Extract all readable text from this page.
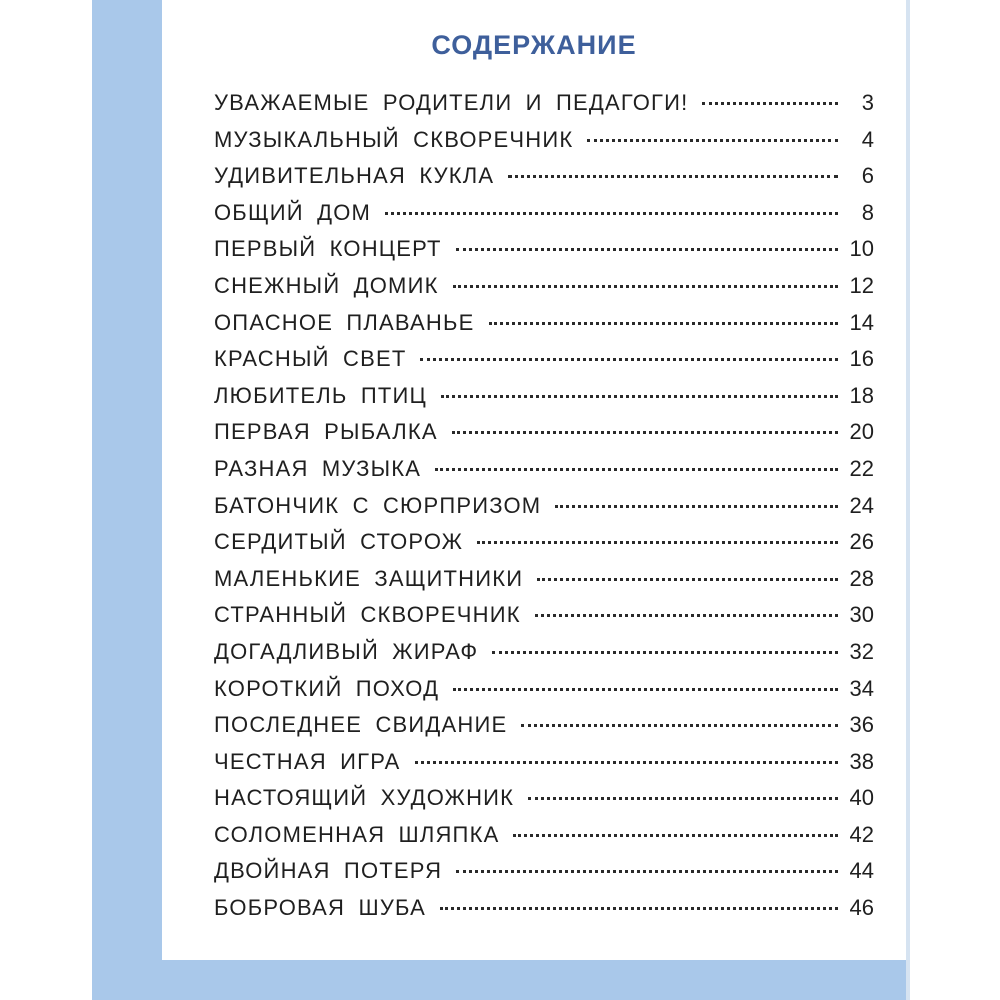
СОДЕРЖАНИЕ
УВАЖАЕМЫЕ РОДИТЕЛИ И ПЕДАГОГИ!	3
МУЗЫКАЛЬНЫЙ СКВОРЕЧНИК	4
УДИВИТЕЛЬНАЯ КУКЛА	6
ОБЩИЙ ДОМ	8
ПЕРВЫЙ КОНЦЕРТ	10
СНЕЖНЫЙ ДОМИК	12
ОПАСНОЕ ПЛАВАНЬЕ	14
КРАСНЫЙ СВЕТ	16
ЛЮБИТЕЛЬ ПТИЦ	18
ПЕРВАЯ РЫБАЛКА	20
РАЗНАЯ МУЗЫКА	22
БАТОНЧИК С СЮРПРИЗОМ	24
СЕРДИТЫЙ СТОРОЖ	26
МАЛЕНЬКИЕ ЗАЩИТНИКИ	28
СТРАННЫЙ СКВОРЕЧНИК	30
ДОГАДЛИВЫЙ ЖИРАФ	32
КОРОТКИЙ ПОХОД	34
ПОСЛЕДНЕЕ СВИДАНИЕ	36
ЧЕСТНАЯ ИГРА	38
НАСТОЯЩИЙ ХУДОЖНИК	40
СОЛОМЕННАЯ ШЛЯПКА	42
ДВОЙНАЯ ПОТЕРЯ	44
БОБРОВАЯ ШУБА	46
